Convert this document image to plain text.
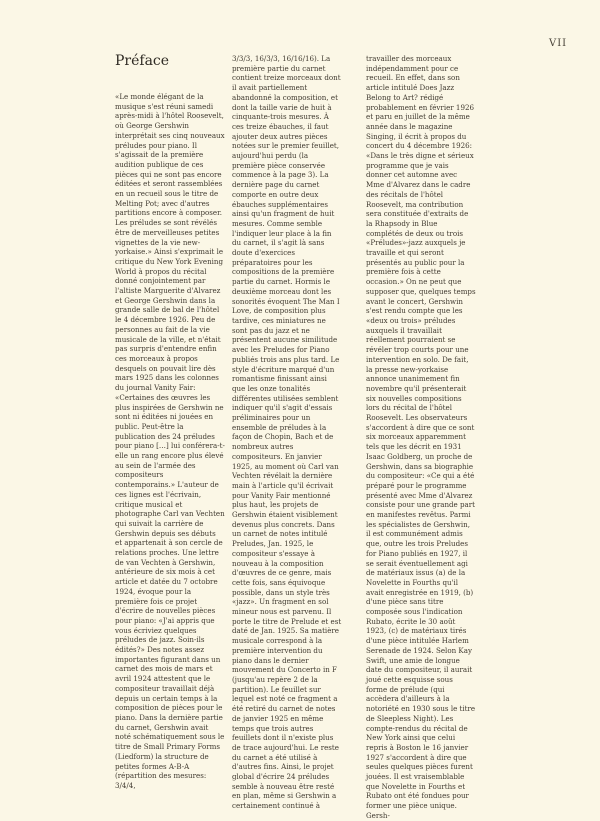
VII
Préface

«Le monde élégant de la musique s'est réuni samedi après-midi à l'hôtel Roosevelt, où George Gershwin interprétait ses cinq nouveaux préludes pour piano. Il s'agissait de la première audition publique de ces pièces qui ne sont pas encore éditées et seront rassemblées en un recueil sous le titre de Melting Pot; avec d'autres partitions encore à composer. Les préludes se sont révélés être de merveilleuses petites vignettes de la vie new-yorkaise.» Ainsi s'exprimait le critique du New York Evening World à propos du récital donné conjointement par l'altiste Marguerite d'Alvarez et George Gershwin dans la grande salle de bal de l'hôtel le 4 décembre 1926. Peu de personnes au fait de la vie musicale de la ville, et n'était pas surpris d'entendre enfin ces morceaux à propos desquels on pouvait lire dès mars 1925 dans les colonnes du journal Vanity Fair: «Certaines des œuvres les plus inspirées de Gershwin ne sont ni éditées ni jouées en public. Peut-être la publication des 24 préludes pour piano […] lui conférera-t-elle un rang encore plus élevé au sein de l'armée des compositeurs contemporains.» L'auteur de ces lignes est l'écrivain, critique musical et photographe Carl van Vechten qui suivait la carrière de Gershwin depuis ses débuts et appartenait à son cercle de relations proches. Une lettre de van Vechten à Gershwin, antérieure de six mois à cet article et datée du 7 octobre 1924, évoque pour la première fois ce projet d'écrire de nouvelles pièces pour piano: «J'ai appris que vous écriviez quelques préludes de jazz. Soin-ils édités?» Des notes assez importantes figurant dans un carnet des mois de mars et avril 1924 attestent que le compositeur travaillait déjà depuis un certain temps à la composition de pièces pour le piano. Dans la dernière partie du carnet, Gershwin avait noté schématiquement sous le titre de Small Primary Forms (Liedform) la structure de petites formes A-B-A (répartition des mesures: 3/4/4,

3/3/3, 16/3/3, 16/16/16). La première partie du carnet contient treize morceaux dont il avait partiellement abandonné la composition, et dont la taille varie de huit à cinquante-trois mesures. À ces treize ébauches, il faut ajouter deux autres pièces notées sur le premier feuillet, aujourd'hui perdu (la première pièce conservée commence à la page 3). La dernière page du carnet comporte en outre deux ébauches supplémentaires ainsi qu'un fragment de huit mesures. Comme semble l'indiquer leur place à la fin du carnet, il s'agit là sans doute d'exercices préparatoires pour les compositions de la première partie du carnet. Hormis le deuxième morceau dont les sonorités évoquent The Man I Love, de composition plus tardive, ces miniatures ne sont pas du jazz et ne présentent aucune similitude avec les Preludes for Piano publiés trois ans plus tard. Le style d'écriture marqué d'un romantisme finissant ainsi que les onze tonalités différentes utilisées semblent indiquer qu'il s'agit d'essais préliminaires pour un ensemble de préludes à la façon de Chopin, Bach et de nombreux autres compositeurs. En janvier 1925, au moment où Carl van Vechten révélait la dernière main à l'article qu'il écrivait pour Vanity Fair mentionné plus haut, les projets de Gershwin étaient visiblement devenus plus concrets. Dans un carnet de notes intitulé Preludes, Jan. 1925, le compositeur s'essaye à nouveau à la composition d'œuvres de ce genre, mais cette fois, sans équivoque possible, dans un style très «jazz». Un fragment en sol mineur nous est parvenu. Il porte le titre de Prelude et est daté de Jan. 1925. Sa matière musicale correspond à la première intervention du piano dans le dernier mouvement du Concerto in F (jusqu'au repère 2 de la partition). Le feuillet sur lequel est noté ce fragment a été retiré du carnet de notes de janvier 1925 en même temps que trois autres feuillets dont il n'existe plus de trace aujourd'hui. Le reste du carnet a été utilisé à d'autres fins. Ainsi, le projet global d'écrire 24 préludes semble à nouveau être resté en plan, même si Gershwin a certainement continué à

travailler des morceaux indépendamment pour ce recueil. En effet, dans son article intitulé Does Jazz Belong to Art? rédigé probablement en février 1926 et paru en juillet de la même année dans le magazine Singing, il écrit à propos du concert du 4 décembre 1926: «Dans le très digne et sérieux programme que je vais donner cet automne avec Mme d'Alvarez dans le cadre des récitals de l'hôtel Roosevelt, ma contribution sera constituée d'extraits de la Rhapsody in Blue complétés de deux ou trois «Préludes»-jazz auxquels je travaille et qui seront présentés au public pour la première fois à cette occasion.» On ne peut que supposer que, quelques temps avant le concert, Gershwin s'est rendu compte que les «deux ou trois» préludes auxquels il travaillait réellement pourraient se révéler trop courts pour une intervention en solo. De fait, la presse new-yorkaise annonce unanimement fin novembre qu'il présenterait six nouvelles compositions lors du récital de l'hôtel Roosevelt. Les observateurs s'accordent à dire que ce sont six morceaux apparemment tels que les décrit en 1931 Isaac Goldberg, un proche de Gershwin, dans sa biographie du compositeur: «Ce qui a été préparé pour le programme présenté avec Mme d'Alvarez consiste pour une grande part en manifestes revêtus. Parmi les spécialistes de Gershwin, il est communément admis que, outre les trois Preludes for Piano publiés en 1927, il se serait éventuellement agi de matériaux issus (a) de la Novelette in Fourths qu'il avait enregistrée en 1919, (b) d'une pièce sans titre composée sous l'indication Rubato, écrite le 30 août 1923, (c) de matériaux tirés d'une pièce intitulée Harlem Serenade de 1924. Selon Kay Swift, une amie de longue date du compositeur, il aurait joué cette esquisse sous forme de prélude (qui accèdera d'ailleurs à la notoriété en 1930 sous le titre de Sleepless Night). Les compte-rendus du récital de New York ainsi que celui repris à Boston le 16 janvier 1927 s'accordent à dire que seules quelques pièces furent jouées. Il est vraisemblable que Novelette in Fourths et Rubato ont été fondues pour former une pièce unique. Gersh-
